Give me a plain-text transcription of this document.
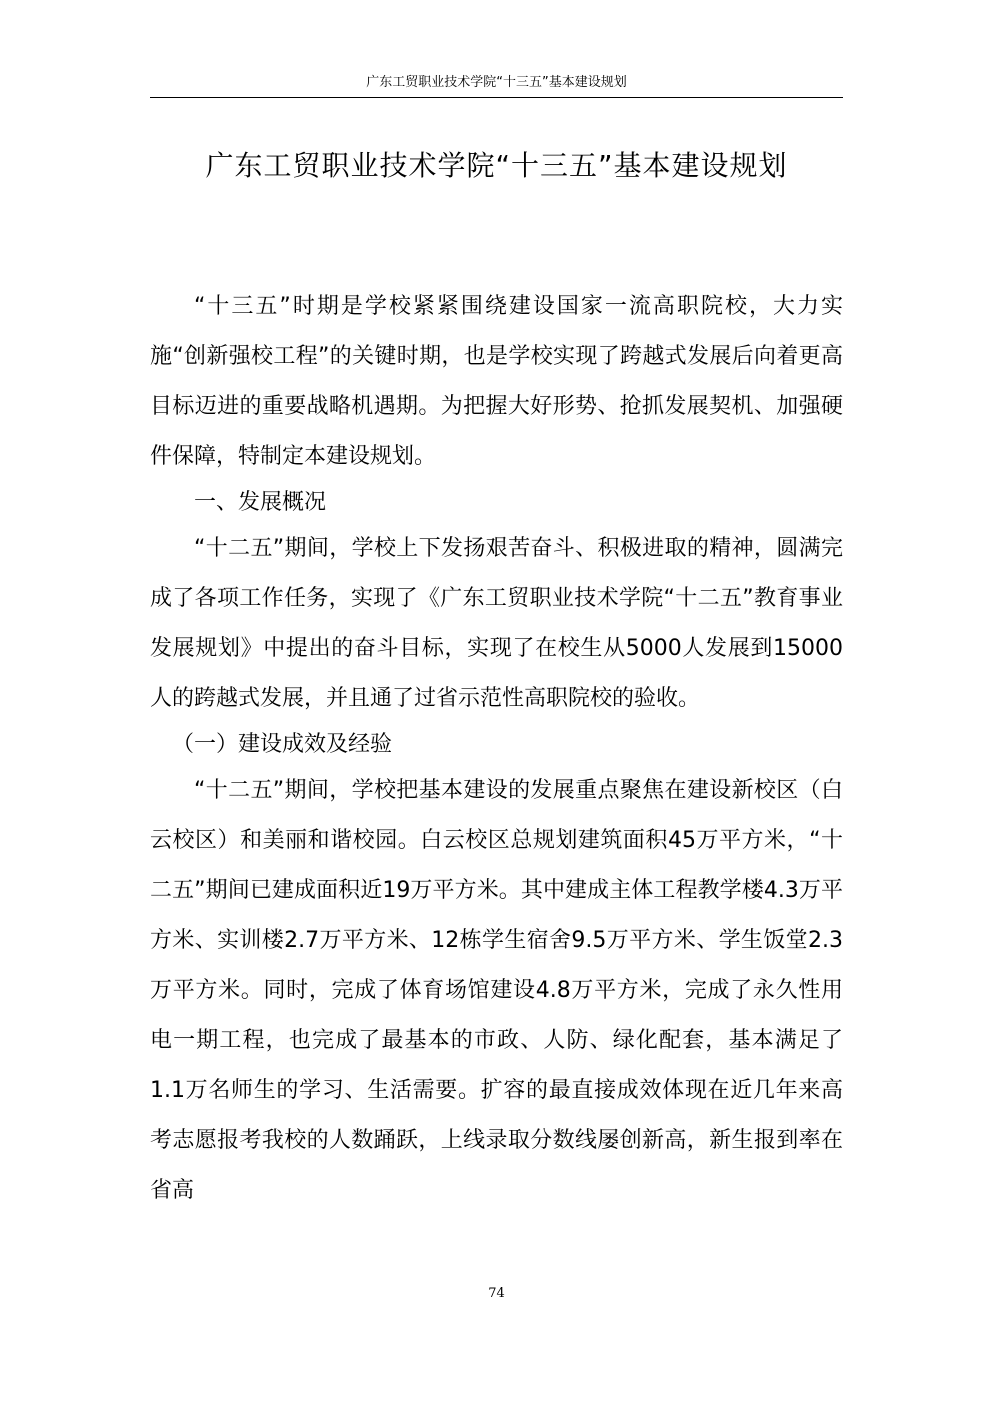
广东工贸职业技术学院“十三五”基本建设规划
广东工贸职业技术学院“十三五”基本建设规划

“十三五”时期是学校紧紧围绕建设国家一流高职院校，大力实施“创新强校工程”的关键时期，也是学校实现了跨越式发展后向着更高目标迈进的重要战略机遇期。为把握大好形势、抢抓发展契机、加强硬件保障，特制定本建设规划。

一、发展概况

“十二五”期间，学校上下发扬艰苦奋斗、积极进取的精神，圆满完成了各项工作任务，实现了《广东工贸职业技术学院“十二五”教育事业发展规划》中提出的奋斗目标，实现了在校生从5000人发展到15000人的跨越式发展，并且通了过省示范性高职院校的验收。

（一）建设成效及经验

“十二五”期间，学校把基本建设的发展重点聚焦在建设新校区（白云校区）和美丽和谐校园。白云校区总规划建筑面积45万平方米，“十二五”期间已建成面积近19万平方米。其中建成主体工程教学楼4.3万平方米、实训楼2.7万平方米、12栋学生宿舍9.5万平方米、学生饭堂2.3万平方米。同时，完成了体育场馆建设4.8万平方米，完成了永久性用电一期工程，也完成了最基本的市政、人防、绿化配套，基本满足了1.1万名师生的学习、生活需要。扩容的最直接成效体现在近几年来高考志愿报考我校的人数踊跃，上线录取分数线屡创新高，新生报到率在省高

74
